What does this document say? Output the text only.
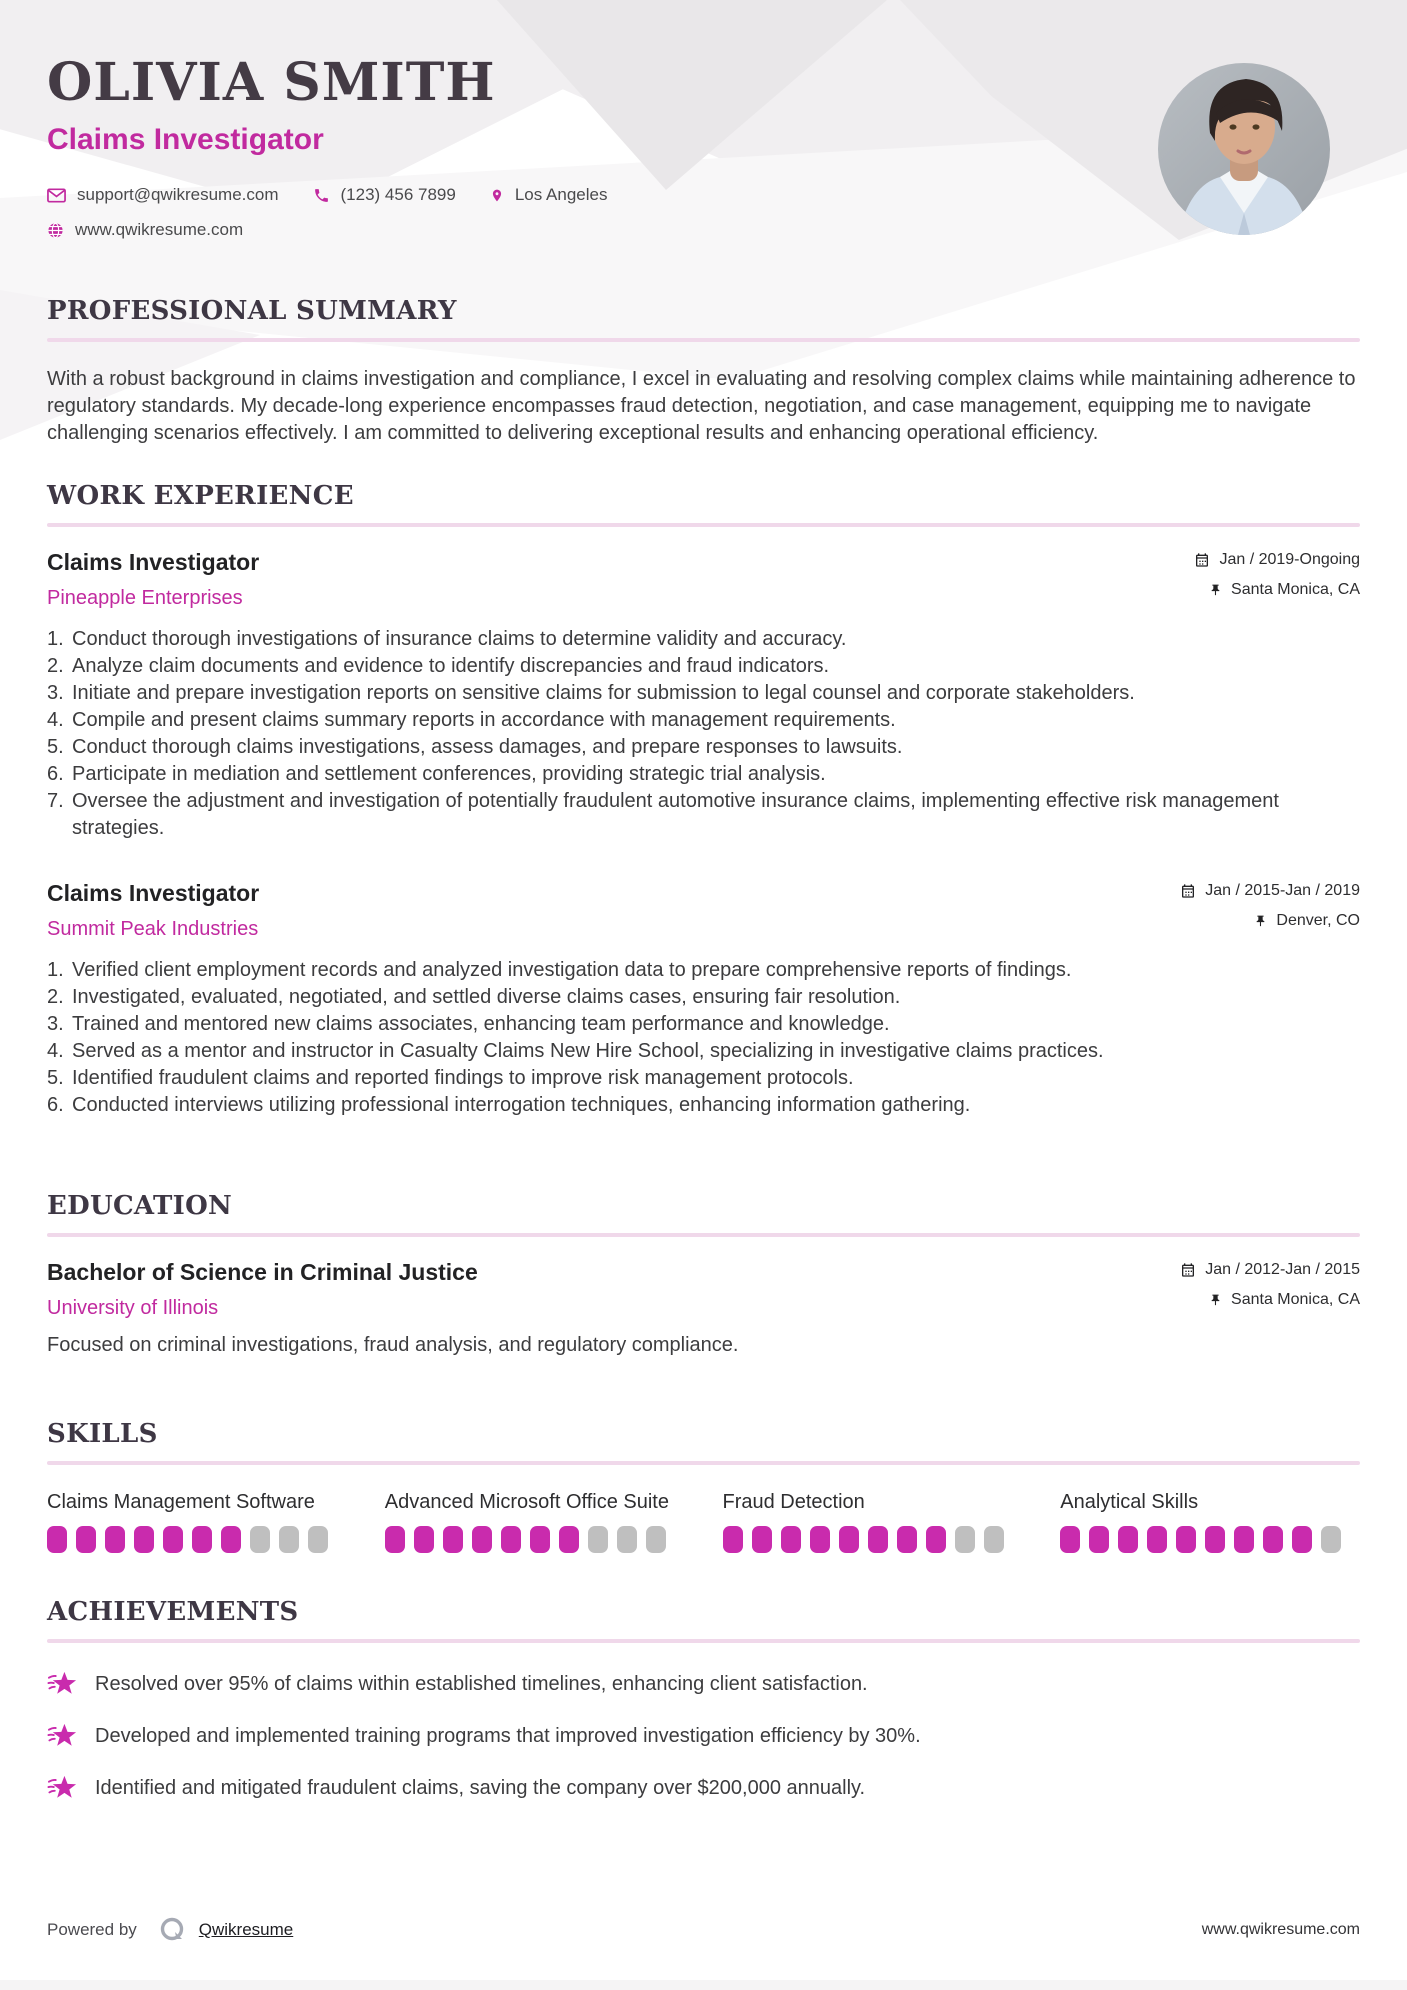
OLIVIA SMITH
Claims Investigator
support@qwikresume.com	(123) 456 7899	Los Angeles
www.qwikresume.com
PROFESSIONAL SUMMARY

With a robust background in claims investigation and compliance, I excel in evaluating and resolving complex claims while maintaining adherence to regulatory standards. My decade-long experience encompasses fraud detection, negotiation, and case management, equipping me to navigate challenging scenarios effectively. I am committed to delivering exceptional results and enhancing operational efficiency.

WORK EXPERIENCE
Claims Investigator
Pineapple Enterprises
Jan / 2019-Ongoing
Santa Monica, CA
Conduct thorough investigations of insurance claims to determine validity and accuracy.
Analyze claim documents and evidence to identify discrepancies and fraud indicators.
Initiate and prepare investigation reports on sensitive claims for submission to legal counsel and corporate stakeholders.
Compile and present claims summary reports in accordance with management requirements.
Conduct thorough claims investigations, assess damages, and prepare responses to lawsuits.
Participate in mediation and settlement conferences, providing strategic trial analysis.
Oversee the adjustment and investigation of potentially fraudulent automotive insurance claims, implementing effective risk management strategies.
Claims Investigator
Summit Peak Industries
Jan / 2015-Jan / 2019
Denver, CO
Verified client employment records and analyzed investigation data to prepare comprehensive reports of findings.
Investigated, evaluated, negotiated, and settled diverse claims cases, ensuring fair resolution.
Trained and mentored new claims associates, enhancing team performance and knowledge.
Served as a mentor and instructor in Casualty Claims New Hire School, specializing in investigative claims practices.
Identified fraudulent claims and reported findings to improve risk management protocols.
Conducted interviews utilizing professional interrogation techniques, enhancing information gathering.
EDUCATION
Bachelor of Science in Criminal Justice
University of Illinois
Jan / 2012-Jan / 2015
Santa Monica, CA
Focused on criminal investigations, fraud analysis, and regulatory compliance.
SKILLS
Claims Management Software	Advanced Microsoft Office Suite	Fraud Detection	Analytical Skills
ACHIEVEMENTS
Resolved over 95% of claims within established timelines, enhancing client satisfaction.
Developed and implemented training programs that improved investigation efficiency by 30%.
Identified and mitigated fraudulent claims, saving the company over $200,000 annually.
Powered by	Qwikresume	www.qwikresume.com
